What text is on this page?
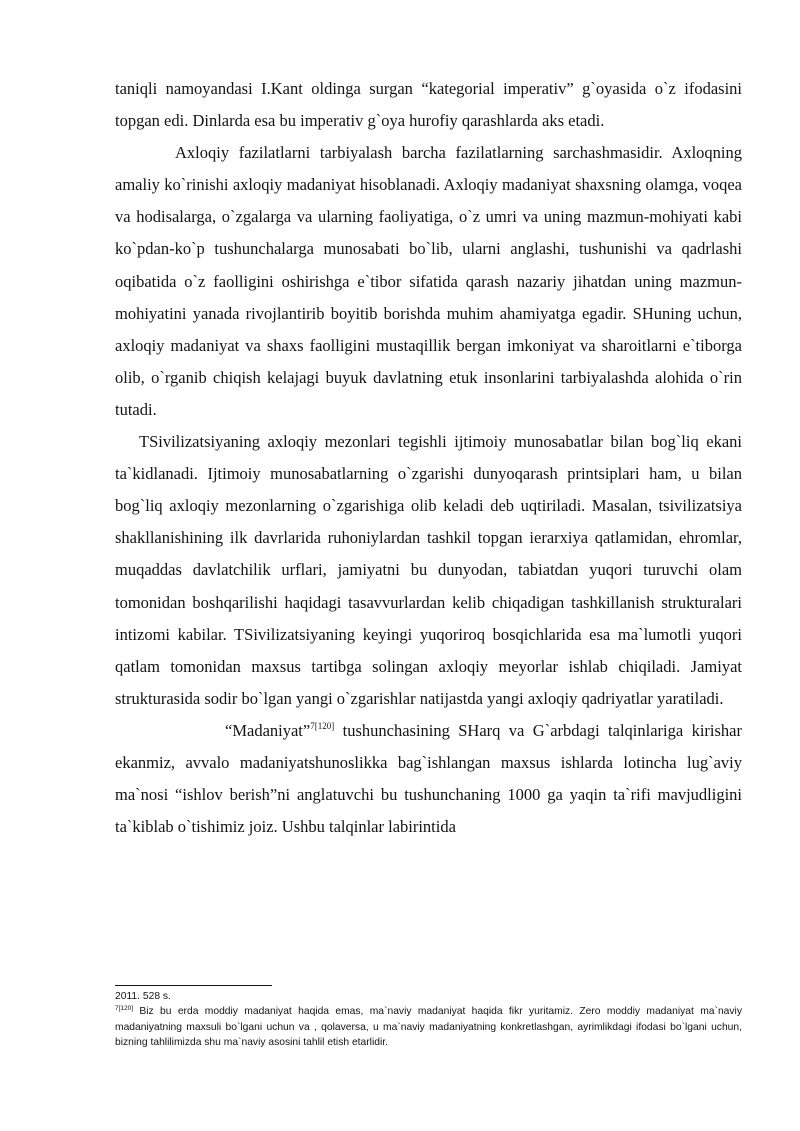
taniqli namoyandasi I.Kant oldinga surgan “kategorial imperativ” g`oyasida o`z ifodasini topgan edi. Dinlarda esa bu imperativ g`oya hurofiy qarashlarda aks etadi.

Axloqiy fazilatlarni tarbiyalash barcha fazilatlarning sarchashmasidir. Axloqning amaliy ko`rinishi axloqiy madaniyat hisoblanadi. Axloqiy madaniyat shaxsning olamga, voqea va hodisalarga, o`zgalarga va ularning faoliyatiga, o`z umri va uning mazmun-mohiyati kabi ko`pdan-ko`p tushunchalarga munosabati bo`lib, ularni anglashi, tushunishi va qadrlashi oqibatida o`z faolligini oshirishga e`tibor sifatida qarash nazariy jihatdan uning mazmun-mohiyatini yanada rivojlantirib boyitib borishda muhim ahamiyatga egadir. SHuning uchun, axloqiy madaniyat va shaxs faolligini mustaqillik bergan imkoniyat va sharoitlarni e`tiborga olib, o`rganib chiqish kelajagi buyuk davlatning etuk insonlarini tarbiyalashda alohida o`rin tutadi.

TSivilizatsiyaning axloqiy mezonlari tegishli ijtimoiy munosabatlar bilan bog`liq ekani ta`kidlanadi. Ijtimoiy munosabatlarning o`zgarishi dunyoqarash printsiplari ham, u bilan bog`liq axloqiy mezonlarning o`zgarishiga olib keladi deb uqtiriladi. Masalan, tsivilizatsiya shakllanishining ilk davrlarida ruhoniylardan tashkil topgan ierarxiya qatlamidan, ehromlar, muqaddas davlatchilik urflari, jamiyatni bu dunyodan, tabiatdan yuqori turuvchi olam tomonidan boshqarilishi haqidagi tasavvurlardan kelib chiqadigan tashkillanish strukturalari intizomi kabilar. TSivilizatsiyaning keyingi yuqoriroq bosqichlarida esa ma`lumotli yuqori qatlam tomonidan maxsus tartibga solingan axloqiy meyorlar ishlab chiqiladi. Jamiyat strukturasida sodir bo`lgan yangi o`zgarishlar natijastda yangi axloqiy qadriyatlar yaratiladi.

“Madaniyat”$^{7[120]}$ tushunchasining SHarq va G`arbdagi talqinlariga kirishar ekanmiz, avvalo madaniyatshunoslikka bag`ishlangan maxsus ishlarda lotincha lug`aviy ma`nosi “ishlov berish”ni anglatuvchi bu tushunchaning 1000 ga yaqin ta`rifi mavjudligini ta`kiblab o`tishimiz joiz. Ushbu talqinlar labirintida

2011. 528 s.

$^{7[120]}$ Biz bu erda moddiy madaniyat haqida emas, ma`naviy madaniyat haqida fikr yuritamiz. Zero moddiy madaniyat ma`naviy madaniyatning maxsuli bo`lgani uchun va , qolaversa, u ma`naviy madaniyatning konkretlashgan, ayrimlikdagi ifodasi bo`lgani uchun, bizning tahlilimizda shu ma`naviy asosini tahlil etish etarlidir.
